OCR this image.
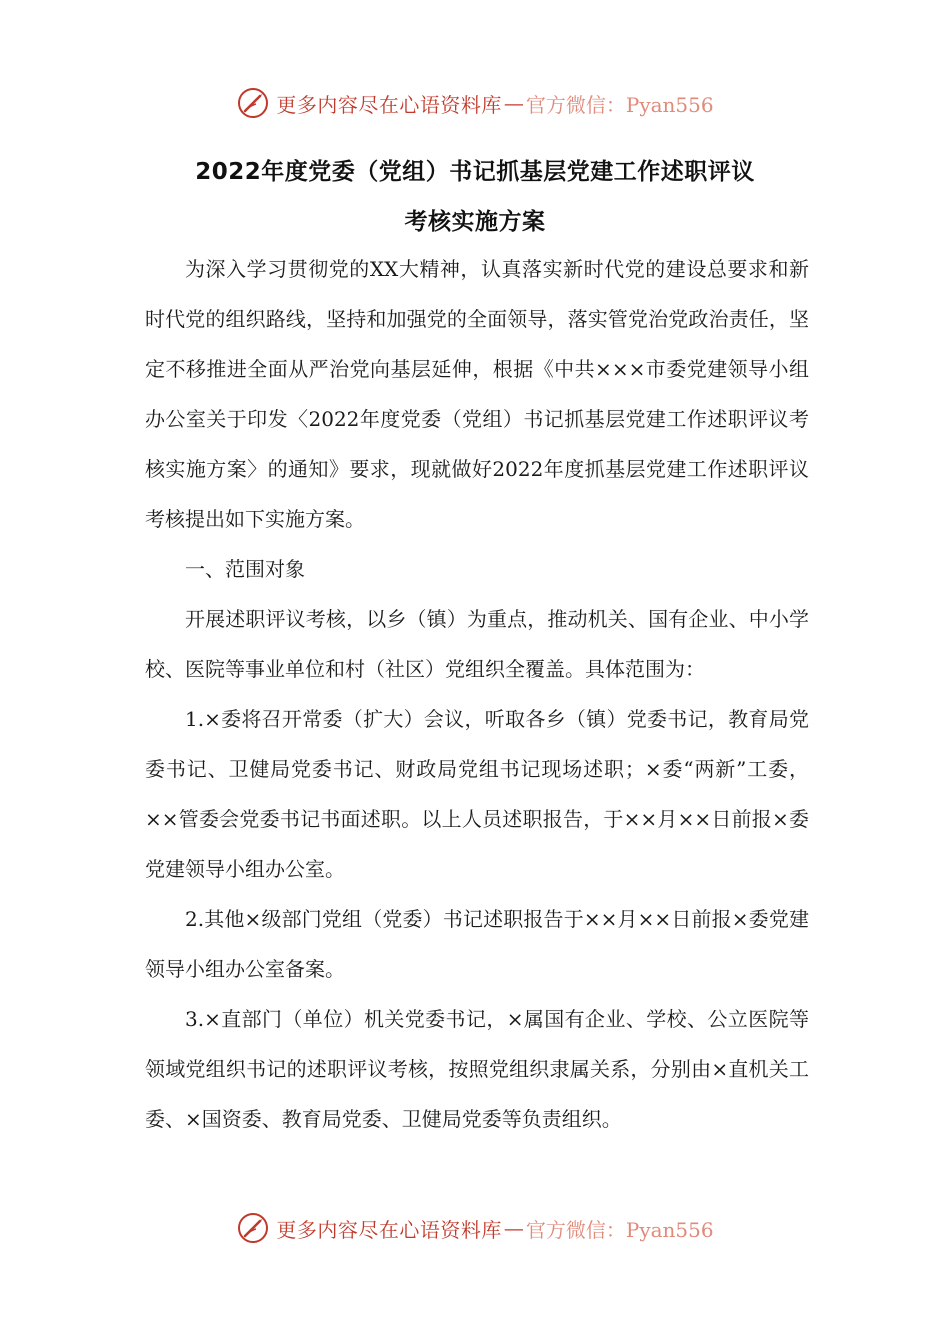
更多内容尽在心语资料库 — 官方微信：Pyan556
2022年度党委（党组）书记抓基层党建工作述职评议
考核实施方案

为深入学习贯彻党的XX大精神，认真落实新时代党的建设总要求和新时代党的组织路线，坚持和加强党的全面领导，落实管党治党政治责任，坚定不移推进全面从严治党向基层延伸，根据《中共×××市委党建领导小组办公室关于印发〈2022年度党委（党组）书记抓基层党建工作述职评议考核实施方案〉的通知》要求，现就做好2022年度抓基层党建工作述职评议考核提出如下实施方案。

一、范围对象

开展述职评议考核，以乡（镇）为重点，推动机关、国有企业、中小学校、医院等事业单位和村（社区）党组织全覆盖。具体范围为：

1.×委将召开常委（扩大）会议，听取各乡（镇）党委书记，教育局党委书记、卫健局党委书记、财政局党组书记现场述职；×委“两新”工委，××管委会党委书记书面述职。以上人员述职报告，于××月××日前报×委党建领导小组办公室。

2.其他×级部门党组（党委）书记述职报告于××月××日前报×委党建领导小组办公室备案。

3.×直部门（单位）机关党委书记，×属国有企业、学校、公立医院等领域党组织书记的述职评议考核，按照党组织隶属关系，分别由×直机关工委、×国资委、教育局党委、卫健局党委等负责组织。

更多内容尽在心语资料库 — 官方微信：Pyan556
